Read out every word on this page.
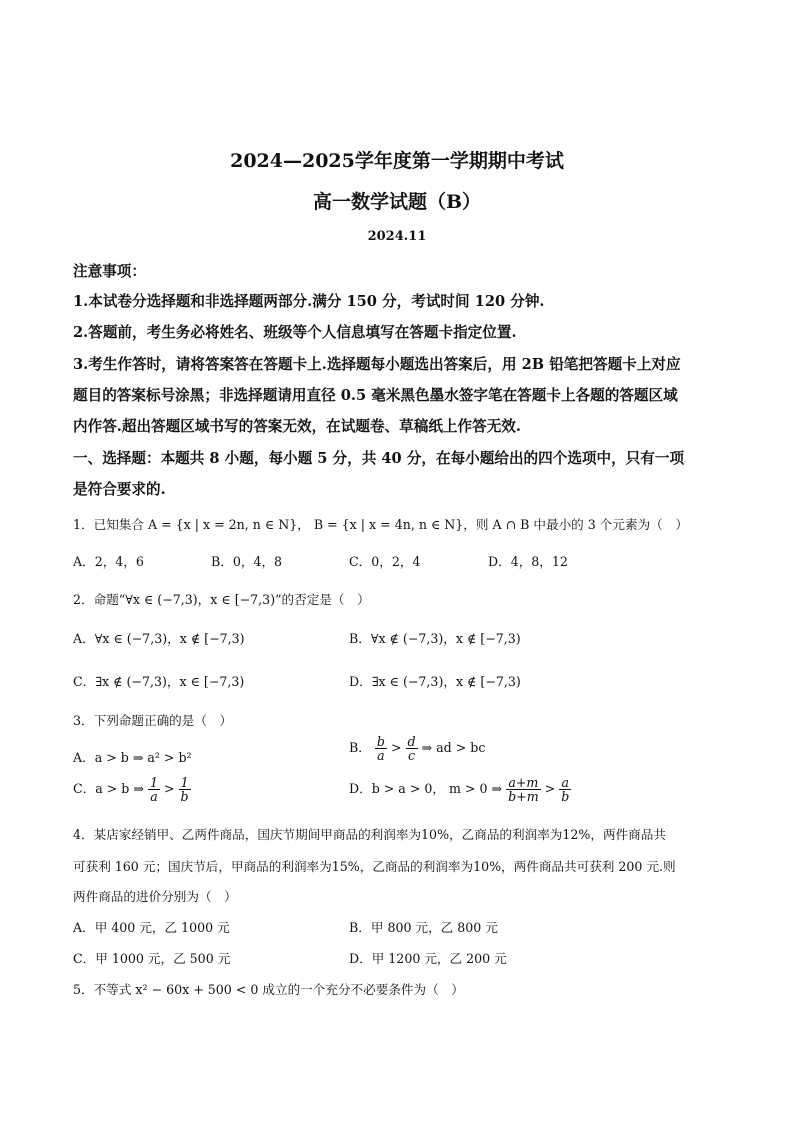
2024—2025学年度第一学期期中考试
高一数学试题（B）
2024.11
注意事项：
1.本试卷分选择题和非选择题两部分.满分 150 分，考试时间 120 分钟.
2.答题前，考生务必将姓名、班级等个人信息填写在答题卡指定位置.
3.考生作答时，请将答案答在答题卡上.选择题每小题选出答案后，用 2B 铅笔把答题卡上对应
题目的答案标号涂黑；非选择题请用直径 0.5 毫米黑色墨水签字笔在答题卡上各题的答题区域
内作答.超出答题区域书写的答案无效，在试题卷、草稿纸上作答无效.
一、选择题：本题共 8 小题，每小题 5 分，共 40 分，在每小题给出的四个选项中，只有一项
是符合要求的.
1．已知集合 A = {x | x = 2n, n ∈ N}， B = {x | x = 4n, n ∈ N}，则 A ∩ B 中最小的 3 个元素为（　）
A．2，4，6	B．0，4，8	C．0，2，4	D．4，8，12
2．命题“∀x ∈ (−7,3)，x ∈ [−7,3)”的否定是（　）
A．∀x ∈ (−7,3)，x ∉ [−7,3)	B．∀x ∉ (−7,3)，x ∉ [−7,3)
C．∃x ∉ (−7,3)，x ∈ [−7,3)	D．∃x ∈ (−7,3)，x ∉ [−7,3)
3．下列命题正确的是（　）
A．a > b ⇒ a² > b²
B． $\frac{b}{a} > \frac{d}{c}$ ⇒ ad > bc
C．a > b ⇒ $\frac{1}{a} > \frac{1}{b}$	D．b > a > 0， m > 0 ⇒ $\frac{a+m}{b+m} > \frac{a}{b}$
4．某店家经销甲、乙两件商品，国庆节期间甲商品的利润率为10%，乙商品的利润率为12%，两件商品共
可获利 160 元；国庆节后，甲商品的利润率为15%，乙商品的利润率为10%，两件商品共可获利 200 元.则
两件商品的进价分别为（　）
A．甲 400 元，乙 1000 元	B．甲 800 元，乙 800 元
C．甲 1000 元，乙 500 元	D．甲 1200 元，乙 200 元
5．不等式 x² − 60x + 500 < 0 成立的一个充分不必要条件为（　）
